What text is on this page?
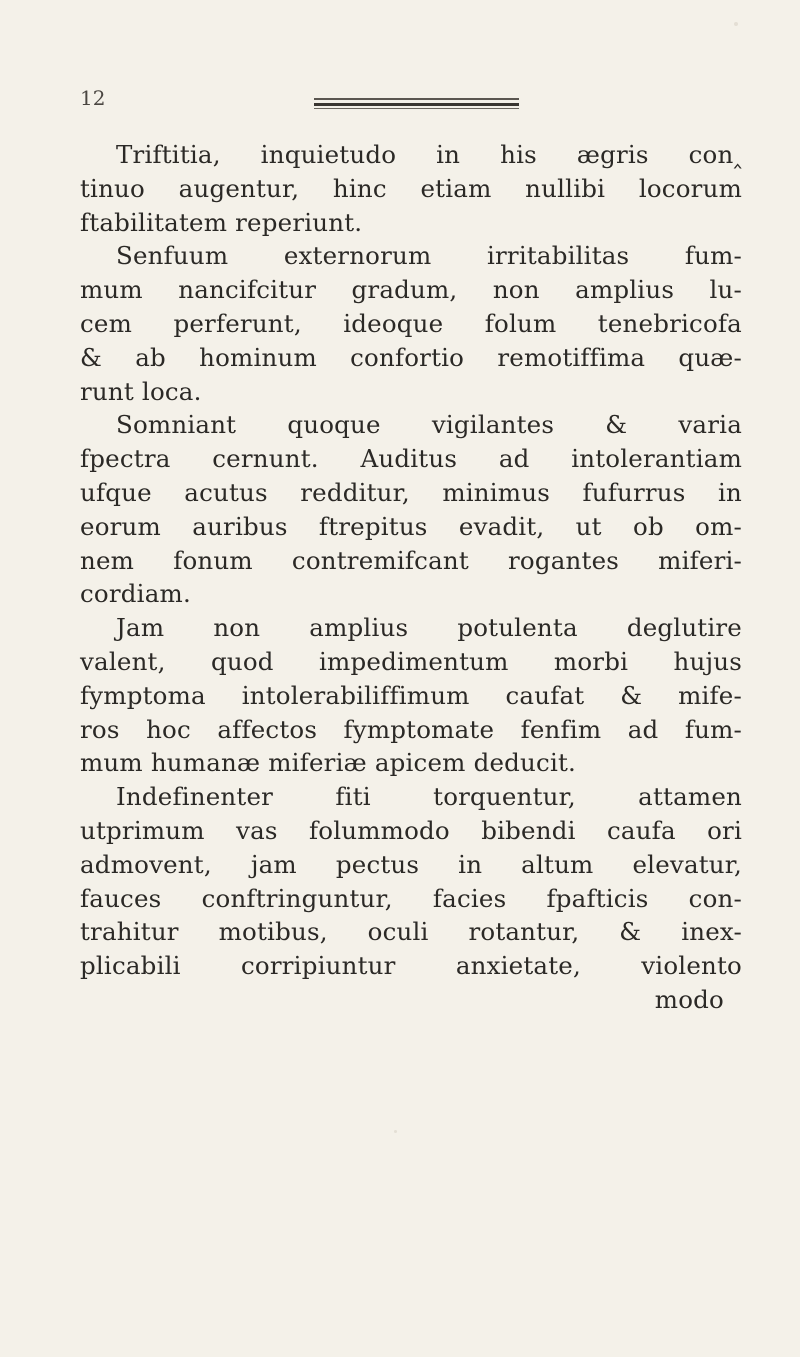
12
Triftitia, inquietudo in his ægris con‸
tinuo augentur, hinc etiam nullibi locorum
ftabilitatem reperiunt.
Senfuum externorum irritabilitas fum-
mum nancifcitur gradum, non amplius lu-
cem perferunt, ideoque folum tenebricofa
& ab hominum confortio remotiffima quæ-
runt loca.
Somniant quoque vigilantes & varia
fpectra cernunt. Auditus ad intolerantiam
ufque acutus redditur, minimus fufurrus in
eorum auribus ftrepitus evadit, ut ob om-
nem fonum contremifcant rogantes miferi-
cordiam.
Jam non amplius potulenta deglutire
valent, quod impedimentum morbi hujus
fymptoma intolerabiliffimum caufat & mife-
ros hoc affectos fymptomate fenfim ad fum-
mum humanæ miferiæ apicem deducit.
Indefinenter fiti torquentur, attamen
utprimum vas folummodo bibendi caufa ori
admovent, jam pectus in altum elevatur,
fauces conftringuntur, facies fpafticis con-
trahitur motibus, oculi rotantur, & inex-
plicabili corripiuntur anxietate, violento
modo
